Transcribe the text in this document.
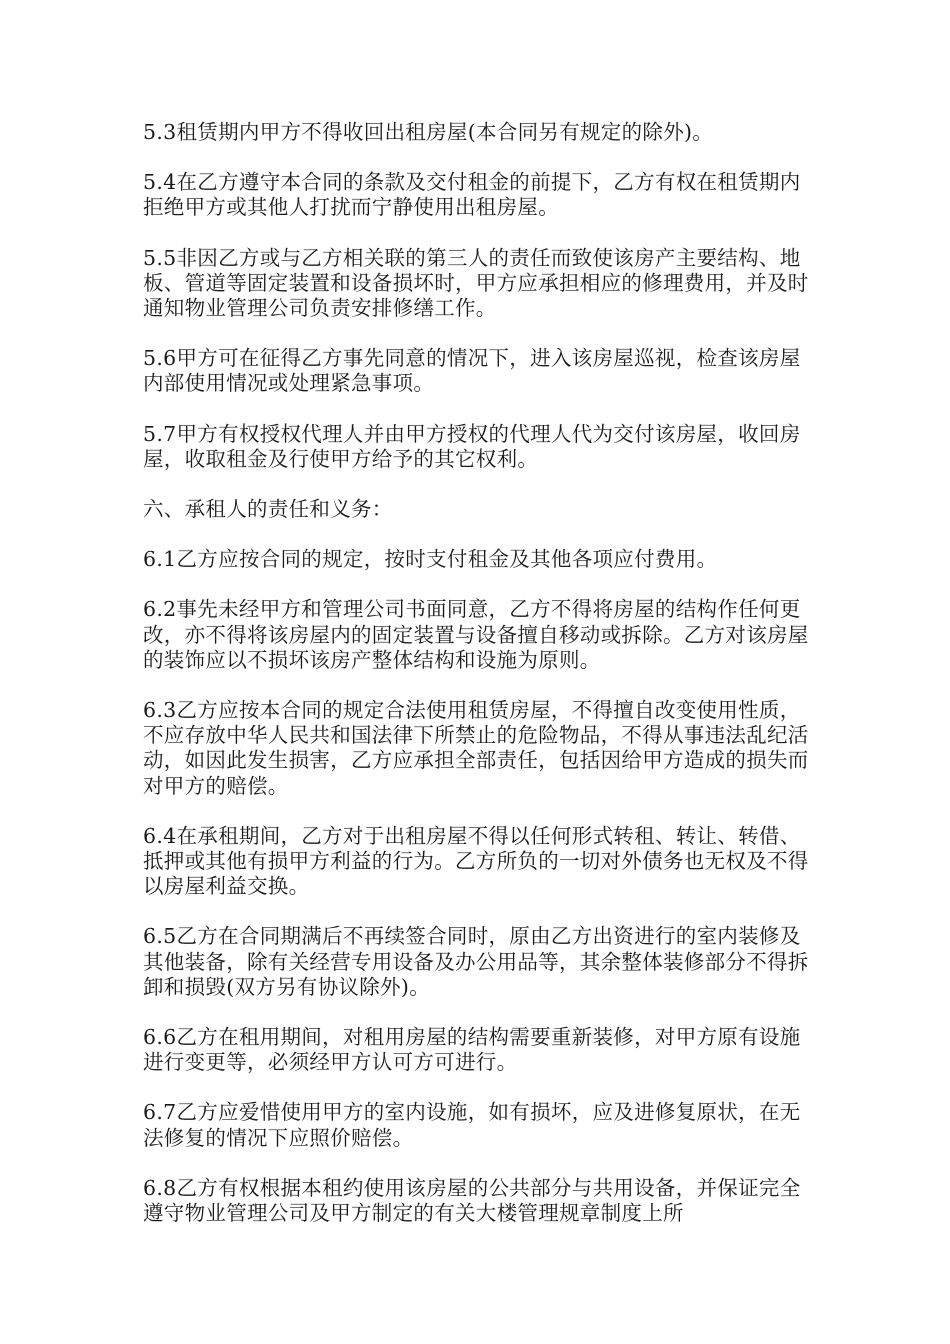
5.3租赁期内甲方不得收回出租房屋(本合同另有规定的除外)。

5.4在乙方遵守本合同的条款及交付租金的前提下，乙方有权在租赁期内拒绝甲方或其他人打扰而宁静使用出租房屋。

5.5非因乙方或与乙方相关联的第三人的责任而致使该房产主要结构、地板、管道等固定装置和设备损坏时，甲方应承担相应的修理费用，并及时通知物业管理公司负责安排修缮工作。

5.6甲方可在征得乙方事先同意的情况下，进入该房屋巡视，检查该房屋内部使用情况或处理紧急事项。

5.7甲方有权授权代理人并由甲方授权的代理人代为交付该房屋，收回房屋，收取租金及行使甲方给予的其它权利。

六、承租人的责任和义务：

6.1乙方应按合同的规定，按时支付租金及其他各项应付费用。

6.2事先未经甲方和管理公司书面同意，乙方不得将房屋的结构作任何更改，亦不得将该房屋内的固定装置与设备擅自移动或拆除。乙方对该房屋的装饰应以不损坏该房产整体结构和设施为原则。

6.3乙方应按本合同的规定合法使用租赁房屋，不得擅自改变使用性质，不应存放中华人民共和国法律下所禁止的危险物品，不得从事违法乱纪活动，如因此发生损害，乙方应承担全部责任，包括因给甲方造成的损失而对甲方的赔偿。

6.4在承租期间，乙方对于出租房屋不得以任何形式转租、转让、转借、抵押或其他有损甲方利益的行为。乙方所负的一切对外债务也无权及不得以房屋利益交换。

6.5乙方在合同期满后不再续签合同时，原由乙方出资进行的室内装修及其他装备，除有关经营专用设备及办公用品等，其余整体装修部分不得拆卸和损毁(双方另有协议除外)。

6.6乙方在租用期间，对租用房屋的结构需要重新装修，对甲方原有设施进行变更等，必须经甲方认可方可进行。

6.7乙方应爱惜使用甲方的室内设施，如有损坏，应及进修复原状，在无法修复的情况下应照价赔偿。

6.8乙方有权根据本租约使用该房屋的公共部分与共用设备，并保证完全遵守物业管理公司及甲方制定的有关大楼管理规章制度上所
